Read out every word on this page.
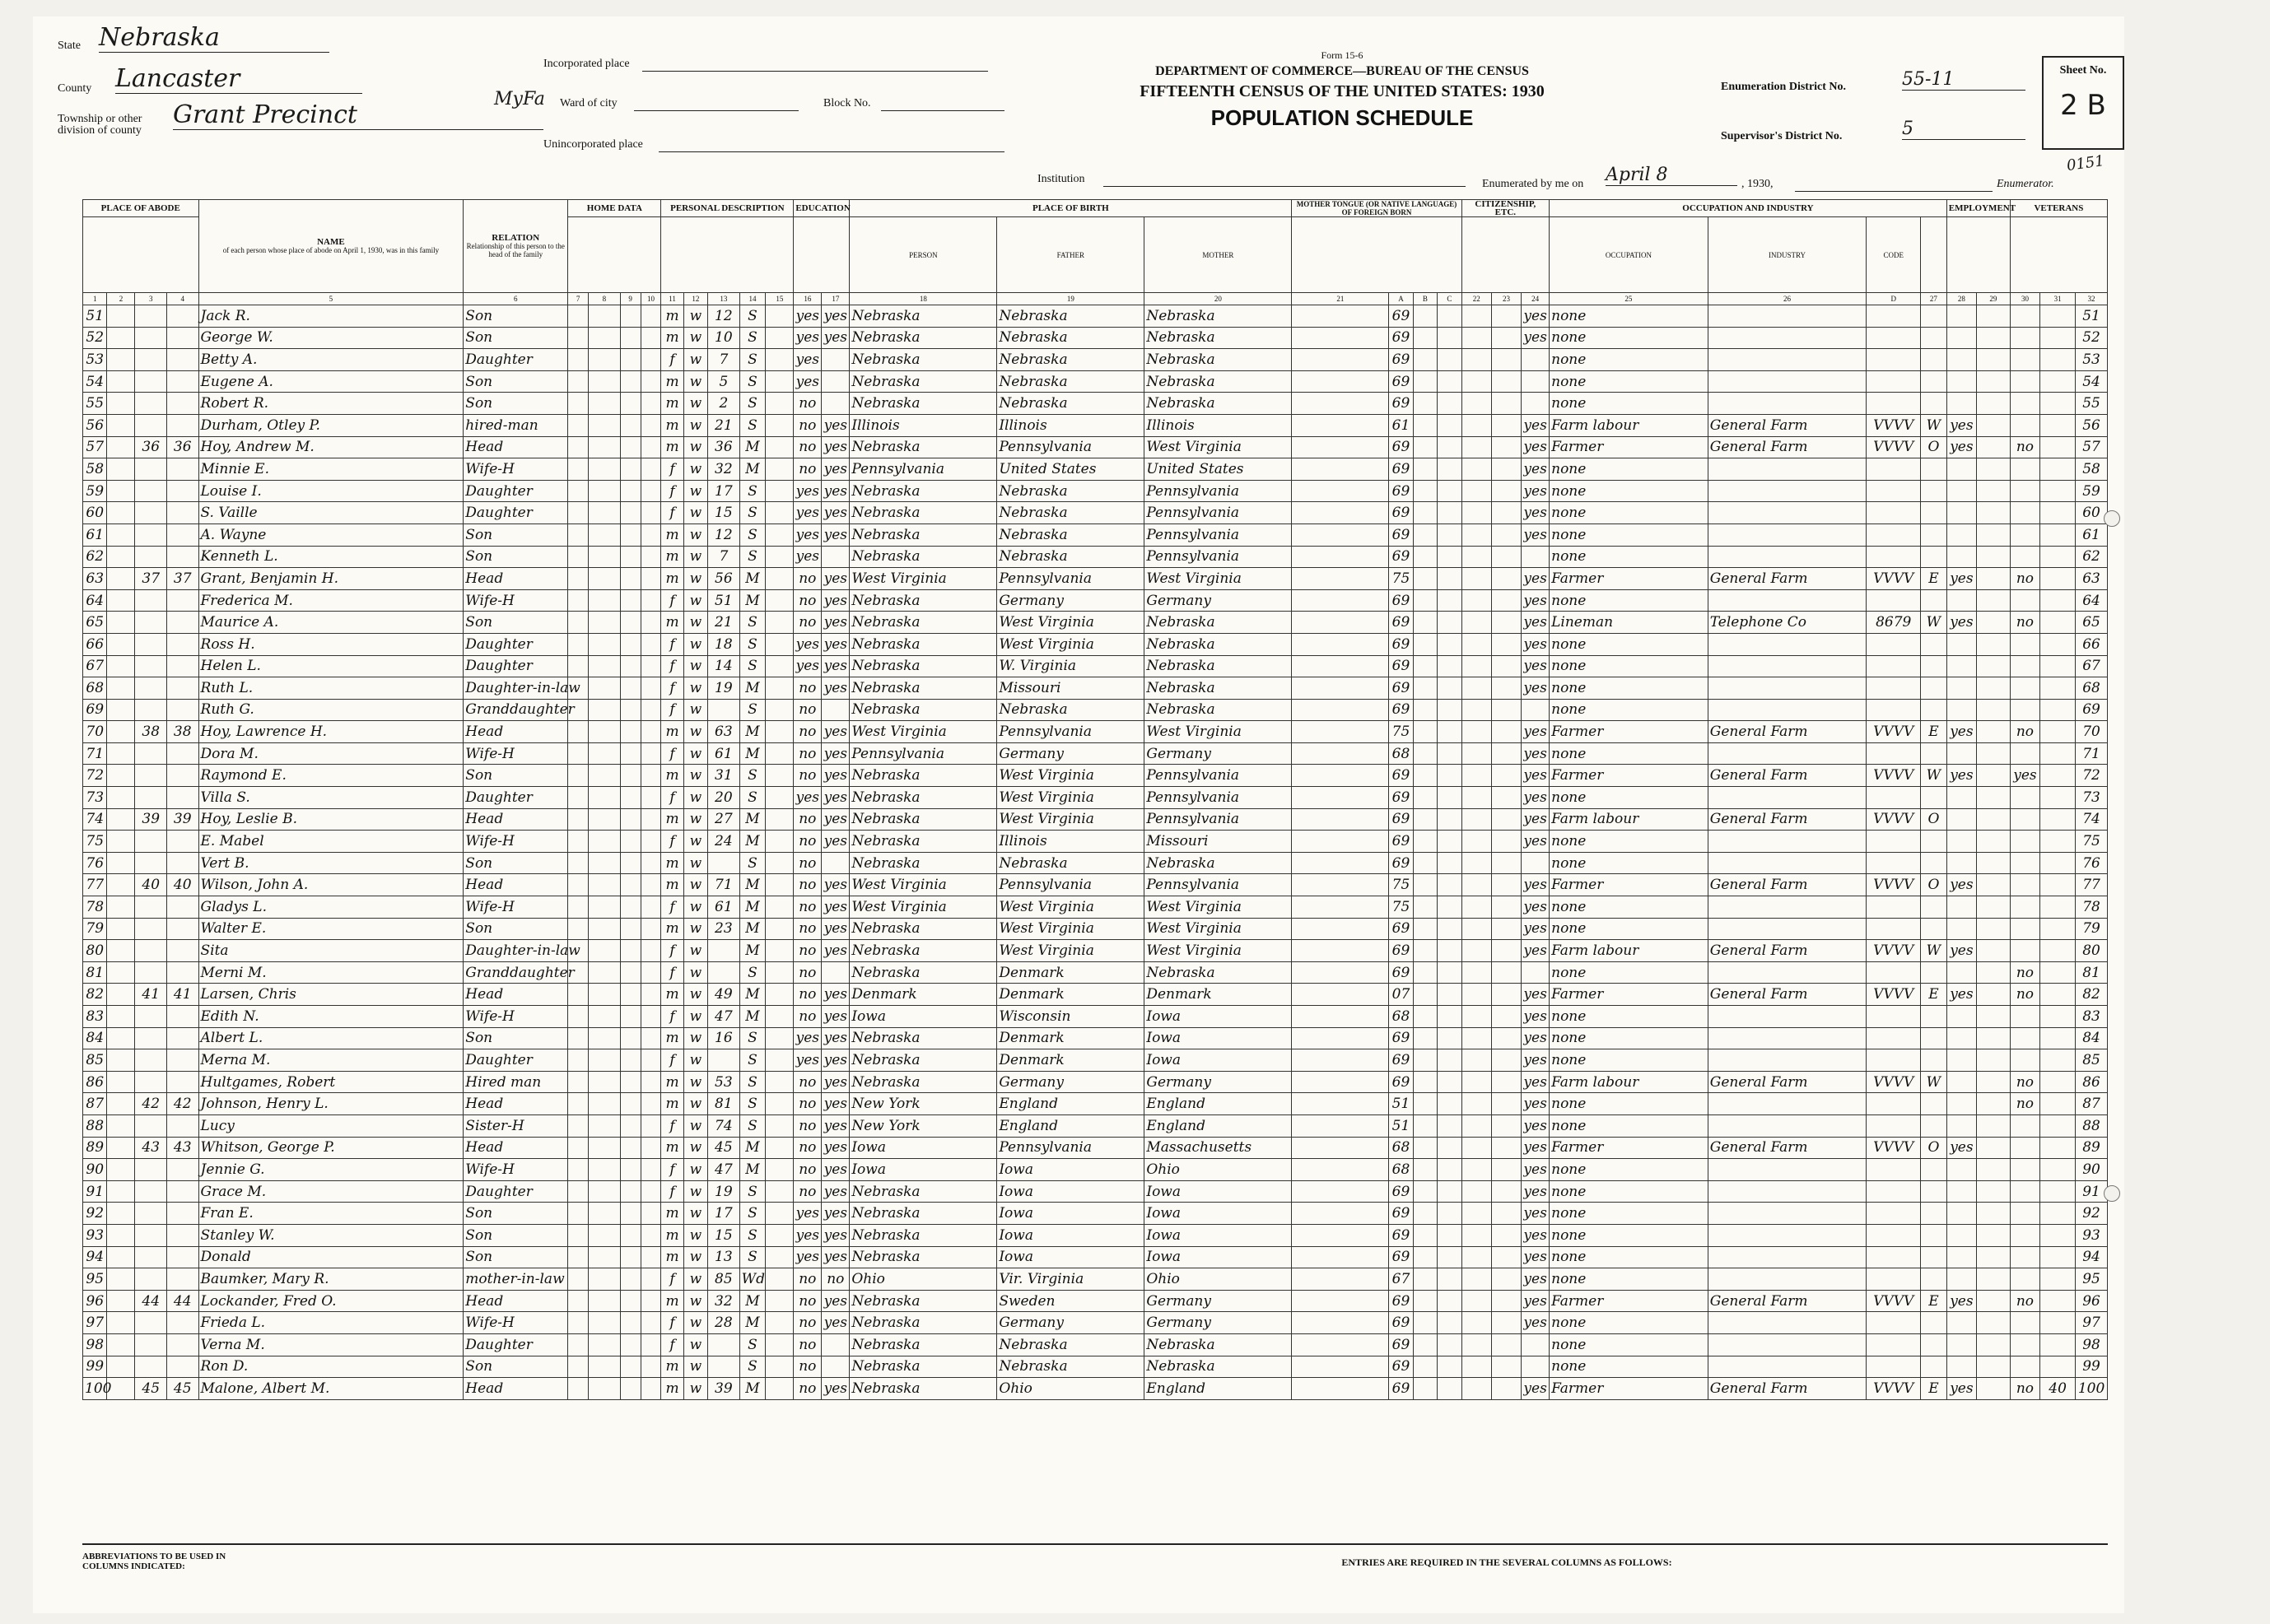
State Nebraska
County Lancaster
Township or other division of county
Grant Precinct
Incorporated place
MyFa Ward of city	Block No.
Unincorporated place
Institution
Form 15-6
DEPARTMENT OF COMMERCE—BUREAU OF THE CENSUS
FIFTEENTH CENSUS OF THE UNITED STATES: 1930
POPULATION SCHEDULE
Enumeration District No.	55-11
Supervisor's District No.	5
Sheet No.
2 B
0151
Enumerated by me on April 8	, 1930,	Enumerator.
PLACE OF ABODE				NAME
of each person whose place of abode on April 1, 1930, was in this family	RELATION
Relationship of this person to the head of the family	HOME DATA				PERSONAL DESCRIPTION					EDUCATION		PLACE OF BIRTH			MOTHER TONGUE (OR NATIVE LANGUAGE) OF FOREIGN BORN				CITIZENSHIP, ETC.			OCCUPATION AND INDUSTRY				EMPLOYMENT		VETERANS		
																	PERSON	FATHER	MOTHER								OCCUPATION	INDUSTRY	CODE						
1	2	3	4	5	6	7	8	9	10	11	12	13	14	15	16	17	18	19	20	21	A	B	C	22	23	24	25	26	D	27	28	29	30	31	32
51				Jack R.	Son					m	w	12	S		yes	yes	Nebraska	Nebraska	Nebraska		69					yes	none								51
52				George W.	Son					m	w	10	S		yes	yes	Nebraska	Nebraska	Nebraska		69					yes	none								52
53				Betty A.	Daughter					f	w	7	S		yes		Nebraska	Nebraska	Nebraska		69						none								53
54				Eugene A.	Son					m	w	5	S		yes		Nebraska	Nebraska	Nebraska		69						none								54
55				Robert R.	Son					m	w	2	S		no		Nebraska	Nebraska	Nebraska		69						none								55
56				Durham, Otley P.	hired-man					m	w	21	S		no	yes	Illinois	Illinois	Illinois		61					yes	Farm labour	General Farm	VVVV	W	yes				56
57		36	36	Hoy, Andrew M.	Head					m	w	36	M		no	yes	Nebraska	Pennsylvania	West Virginia		69					yes	Farmer	General Farm	VVVV	O	yes		no		57
58				Minnie E.	Wife-H					f	w	32	M		no	yes	Pennsylvania	United States	United States		69					yes	none								58
59				Louise I.	Daughter					f	w	17	S		yes	yes	Nebraska	Nebraska	Pennsylvania		69					yes	none								59
60				S. Vaille	Daughter					f	w	15	S		yes	yes	Nebraska	Nebraska	Pennsylvania		69					yes	none								60
61				A. Wayne	Son					m	w	12	S		yes	yes	Nebraska	Nebraska	Pennsylvania		69					yes	none								61
62				Kenneth L.	Son					m	w	7	S		yes		Nebraska	Nebraska	Pennsylvania		69						none								62
63		37	37	Grant, Benjamin H.	Head					m	w	56	M		no	yes	West Virginia	Pennsylvania	West Virginia		75					yes	Farmer	General Farm	VVVV	E	yes		no		63
64				Frederica M.	Wife-H					f	w	51	M		no	yes	Nebraska	Germany	Germany		69					yes	none								64
65				Maurice A.	Son					m	w	21	S		no	yes	Nebraska	West Virginia	Nebraska		69					yes	Lineman	Telephone Co	8679	W	yes		no		65
66				Ross H.	Daughter					f	w	18	S		yes	yes	Nebraska	West Virginia	Nebraska		69					yes	none								66
67				Helen L.	Daughter					f	w	14	S		yes	yes	Nebraska	W. Virginia	Nebraska		69					yes	none								67
68				Ruth L.	Daughter-in-law					f	w	19	M		no	yes	Nebraska	Missouri	Nebraska		69					yes	none								68
69				Ruth G.	Granddaughter					f	w		S		no		Nebraska	Nebraska	Nebraska		69						none								69
70		38	38	Hoy, Lawrence H.	Head					m	w	63	M		no	yes	West Virginia	Pennsylvania	West Virginia		75					yes	Farmer	General Farm	VVVV	E	yes		no		70
71				Dora M.	Wife-H					f	w	61	M		no	yes	Pennsylvania	Germany	Germany		68					yes	none								71
72				Raymond E.	Son					m	w	31	S		no	yes	Nebraska	West Virginia	Pennsylvania		69					yes	Farmer	General Farm	VVVV	W	yes		yes		72
73				Villa S.	Daughter					f	w	20	S		yes	yes	Nebraska	West Virginia	Pennsylvania		69					yes	none								73
74		39	39	Hoy, Leslie B.	Head					m	w	27	M		no	yes	Nebraska	West Virginia	Pennsylvania		69					yes	Farm labour	General Farm	VVVV	O					74
75				E. Mabel	Wife-H					f	w	24	M		no	yes	Nebraska	Illinois	Missouri		69					yes	none								75
76				Vert B.	Son					m	w		S		no		Nebraska	Nebraska	Nebraska		69						none								76
77		40	40	Wilson, John A.	Head					m	w	71	M		no	yes	West Virginia	Pennsylvania	Pennsylvania		75					yes	Farmer	General Farm	VVVV	O	yes				77
78				Gladys L.	Wife-H					f	w	61	M		no	yes	West Virginia	West Virginia	West Virginia		75					yes	none								78
79				Walter E.	Son					m	w	23	M		no	yes	Nebraska	West Virginia	West Virginia		69					yes	none								79
80				Sita	Daughter-in-law					f	w		M		no	yes	Nebraska	West Virginia	West Virginia		69					yes	Farm labour	General Farm	VVVV	W	yes				80
81				Merni M.	Granddaughter					f	w		S		no		Nebraska	Denmark	Nebraska		69						none						no		81
82		41	41	Larsen, Chris	Head					m	w	49	M		no	yes	Denmark	Denmark	Denmark		07					yes	Farmer	General Farm	VVVV	E	yes		no		82
83				Edith N.	Wife-H					f	w	47	M		no	yes	Iowa	Wisconsin	Iowa		68					yes	none								83
84				Albert L.	Son					m	w	16	S		yes	yes	Nebraska	Denmark	Iowa		69					yes	none								84
85				Merna M.	Daughter					f	w		S		yes	yes	Nebraska	Denmark	Iowa		69					yes	none								85
86				Hultgames, Robert	Hired man					m	w	53	S		no	yes	Nebraska	Germany	Germany		69					yes	Farm labour	General Farm	VVVV	W			no		86
87		42	42	Johnson, Henry L.	Head					m	w	81	S		no	yes	New York	England	England		51					yes	none						no		87
88				Lucy	Sister-H					f	w	74	S		no	yes	New York	England	England		51					yes	none								88
89		43	43	Whitson, George P.	Head					m	w	45	M		no	yes	Iowa	Pennsylvania	Massachusetts		68					yes	Farmer	General Farm	VVVV	O	yes				89
90				Jennie G.	Wife-H					f	w	47	M		no	yes	Iowa	Iowa	Ohio		68					yes	none								90
91				Grace M.	Daughter					f	w	19	S		no	yes	Nebraska	Iowa	Iowa		69					yes	none								91
92				Fran E.	Son					m	w	17	S		yes	yes	Nebraska	Iowa	Iowa		69					yes	none								92
93				Stanley W.	Son					m	w	15	S		yes	yes	Nebraska	Iowa	Iowa		69					yes	none								93
94				Donald	Son					m	w	13	S		yes	yes	Nebraska	Iowa	Iowa		69					yes	none								94
95				Baumker, Mary R.	mother-in-law					f	w	85	Wd		no	no	Ohio	Vir. Virginia	Ohio		67					yes	none								95
96		44	44	Lockander, Fred O.	Head					m	w	32	M		no	yes	Nebraska	Sweden	Germany		69					yes	Farmer	General Farm	VVVV	E	yes		no		96
97				Frieda L.	Wife-H					f	w	28	M		no	yes	Nebraska	Germany	Germany		69					yes	none								97
98				Verna M.	Daughter					f	w		S		no		Nebraska	Nebraska	Nebraska		69						none								98
99				Ron D.	Son					m	w		S		no		Nebraska	Nebraska	Nebraska		69						none								99
100		45	45	Malone, Albert M.	Head					m	w	39	M		no	yes	Nebraska	Ohio	England		69					yes	Farmer	General Farm	VVVV	E	yes		no	40	100
ABBREVIATIONS TO BE USED IN COLUMNS INDICATED:	ENTRIES ARE REQUIRED IN THE SEVERAL COLUMNS AS FOLLOWS:
